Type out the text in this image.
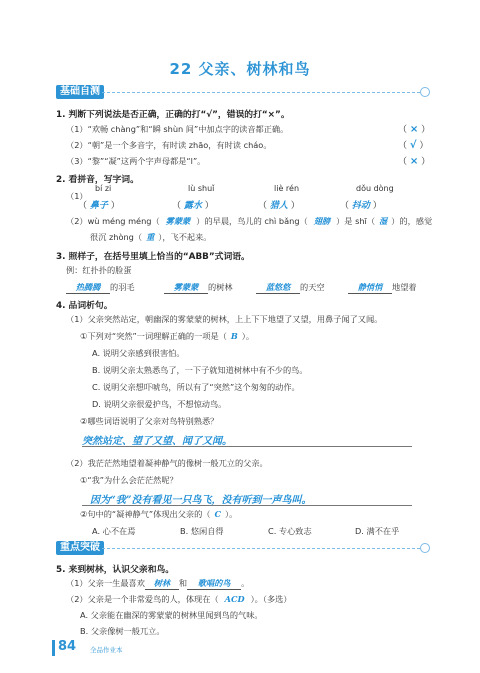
22 父亲、树林和鸟
基础自测
1. 判断下列说法是否正确，正确的打“√”，错误的打“×”。
（1）“欢畅 chàng”和“瞬 shùn 间”中加点字的读音都正确。	（ × ）
（2）“朝”是一个多音字，有时读 zhāo，有时读 cháo。	（ √ ）
（3）“黎”“凝”这两个字声母都是“l”。	（ × ）
2. 看拼音，写字词。
（1）
bí zi
（ 鼻子 ）
lù shuǐ
（ 露水 ）
liè rén
（ 猎人 ）
dǒu dòng
（ 抖动 ）
（2）wù méng méng（ 雾蒙蒙 ）的早晨，鸟儿的 chì bǎng（ 翅膀 ）是 shī（ 湿 ）的，感觉
很沉 zhòng（ 重 ），飞不起来。
3. 照样子，在括号里填上恰当的“ABB”式词语。
例：红扑扑的脸蛋
热腾腾 的羽毛	雾蒙蒙 的树林	蓝悠悠 的天空	静悄悄 地望着
4. 品词析句。
（1）父亲突然站定，朝幽深的雾蒙蒙的树林，上上下下地望了又望，用鼻子闻了又闻。
①下列对“突然”一词理解正确的一项是（ B ）。
A. 说明父亲感到很害怕。
B. 说明父亲太熟悉鸟了，一下子就知道树林中有不少的鸟。
C. 说明父亲想吓唬鸟，所以有了“突然”这个匆匆的动作。
D. 说明父亲很爱护鸟，不想惊动鸟。
②哪些词语说明了父亲对鸟特别熟悉？
突然站定、望了又望、闻了又闻。
（2）我茫茫然地望着凝神静气的像树一般兀立的父亲。
①“我”为什么会茫茫然呢？
因为“我”没有看见一只鸟飞，没有听到一声鸟叫。
②句中的“凝神静气”体现出父亲的（ C ）。
A. 心不在焉	B. 悠闲自得	C. 专心致志	D. 满不在乎
重点突破
5. 来到树林，认识父亲和鸟。
（1）父亲一生最喜欢 树林 和 歌唱的鸟 。
（2）父亲是一个非常爱鸟的人，体现在（ ACD ）。（多选）
A. 父亲能在幽深的雾蒙蒙的树林里闻到鸟的气味。
B. 父亲像树一般兀立。
84 全品作业本
